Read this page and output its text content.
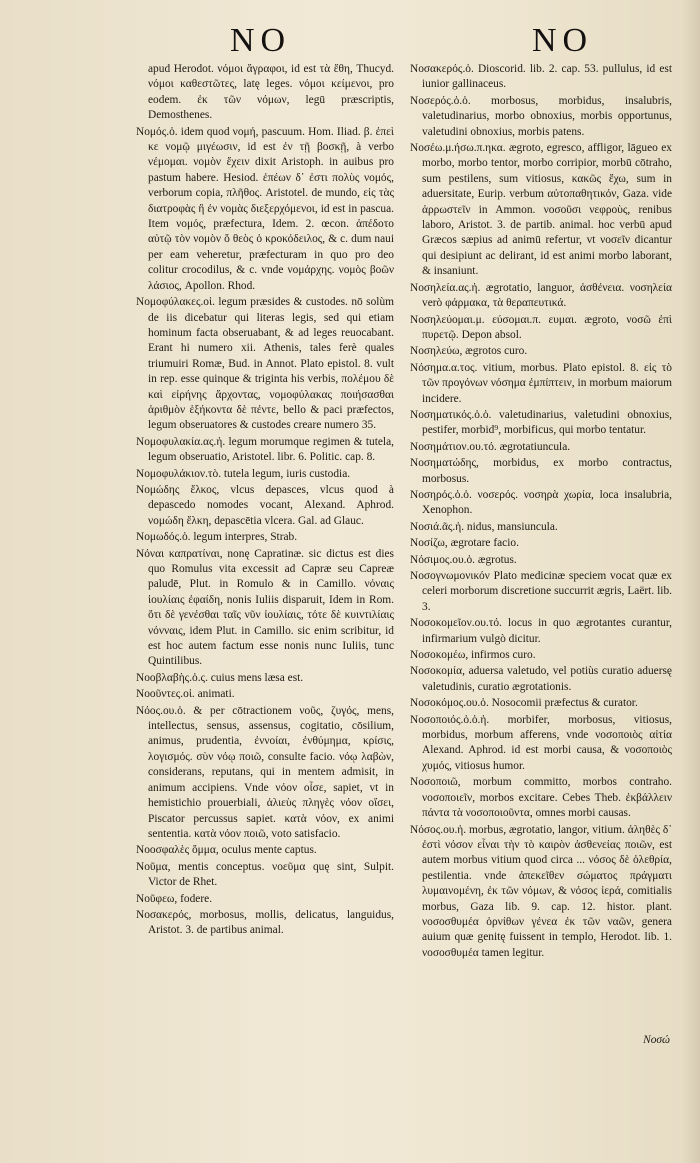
NO	NO

apud Herodot. νόμοι ἄγραφοι, id est τὰ ἔθη, Thucyd. νόμοι καθεστῶτες, latę leges. νόμοι κείμενοι, pro eodem. ἐκ τῶν νόμων, legū præscriptis, Demosthenes.

Νομός.ὁ. idem quod νομή, pascuum. Hom. Iliad. β. ἐπεὶ κε νομῷ μιγέωσιν, id est ἐν τῇ βοσκῇ, à verbo νέμομαι. νομὸν ἔχειν dixit Aristoph. in auibus pro pastum habere. Hesiod. ἐπέων δ᾽ ἐστι πολὺς νομός, verborum copia, πλῆθος. Aristotel. de mundo, εἰς τὰς διατροφὰς ἢ ἐν νομὰς διεξερχόμενοι, id est in pascua. Item νομός, præfectura, Idem. 2. œcon. ἀπέδοτο αὐτῷ τὸν νομὸν ὅ θεὸς ὁ κροκόδειλος, & c. dum naui per eam veheretur, præfecturam in quo pro deo colitur crocodilus, & c. vnde νομάρχης. νομὸς βοῶν λάσιος, Apollon. Rhod.

Νομοφύλακες.οἱ. legum præsides & custodes. nō solùm de iis dicebatur qui literas legis, sed qui etiam hominum facta obseruabant, & ad leges reuocabant. Erant hi numero xii. Athenis, tales ferè quales triumuiri Romæ, Bud. in Annot. Plato epistol. 8. vult in rep. esse quinque & triginta his verbis, πολέμου δὲ καὶ εἰρήνης ἄρχοντας, νομοφύλακας ποιήσασθαι ἀριθμὸν ἑξήκοντα δὲ πέντε, bello & paci præfectos, legum obseruatores & custodes creare numero 35.

Νομοφυλακία.ας.ἡ. legum morumque regimen & tutela, legum obseruatio, Aristotel. libr. 6. Politic. cap. 8.

Νομοφυλάκιον.τὸ. tutela legum, iuris custodia.

Νομώδης ἕλκος, vlcus depasces, vlcus quod à depascedo nomodes vocant, Alexand. Aphrod. νομώδη ἕλκη, depascētia vlcera. Gal. ad Glauc.

Νομωδός.ὁ. legum interpres, Strab.

Νόναι καπρατίναι, nonę Capratinæ. sic dictus est dies quo Romulus vita excessit ad Capræ seu Capreæ paludē, Plut. in Romulo & in Camillo. νόναις ἰουλίαις ἐφαίδη, nonis Iuliis disparuit, Idem in Rom. ὅτι δὲ γενέσθαι ταῖς νῦν ἰουλίαις, τότε δὲ κυιντιλίαις νόνναις, idem Plut. in Camillo. sic enim scribitur, id est hoc autem factum esse nonis nunc Iuliis, tunc Quintilibus.

Νοοβλαβὴς.ὁ.ς. cuius mens læsa est.

Νοοῦντες.οἱ. animati.

Νόος.ου.ὁ. & per cōtractionem νοῦς, ζυγός, mens, intellectus, sensus, assensus, cogitatio, cōsilium, animus, prudentia, ἐννοίαι, ἐνθύμημα, κρίσις, λογισμός. σὺν νόῳ ποιῶ, consulte facio. νόῳ λαβὼν, considerans, reputans, qui in mentem admisit, in animum accipiens. Vnde νόον οἶσε, sapiet, vt in hemistichio prouerbiali, ἀλιεὺς πληγὲς νόον οἴσει, Piscator percussus sapiet. κατὰ νόον, ex animi sententia. κατὰ νόον ποιῶ, voto satisfacio.

Νοοσφαλὲς ὄμμα, oculus mente captus.

Νοῦμα, mentis conceptus. νοεῦμα quę sint, Sulpit. Victor de Rhet.

Νοῦφεω, fodere.

Νοσακερός, morbosus, mollis, delicatus, languidus, Aristot. 3. de partibus animal.

Νοσακερός.ὁ. Dioscorid. lib. 2. cap. 53. pullulus, id est iunior gallinaceus.

Νοσερός.ὁ.ὁ. morbosus, morbidus, insalubris, valetudinarius, morbo obnoxius, morbis opportunus, valetudini obnoxius, morbis patens.

Νοσέω.μ.ήσω.π.ηκα. ægroto, egresco, affligor, lāgueo ex morbo, morbo tentor, morbo corripior, morbū cōtraho, sum pestilens, sum vitiosus, κακῶς ἔχω, sum in aduersitate, Eurip. verbum αὐτοπαθητικόν, Gaza. vide ἀρρωστεῖν in Ammon. νοσοῦσι νεφροὺς, renibus laboro, Aristot. 3. de partib. animal. hoc verbū apud Græcos sæpius ad animū refertur, vt νοσεῖν dicantur qui desipiunt ac delirant, id est animi morbo laborant, & insaniunt.

Νοσηλεία.ας.ἡ. ægrotatio, languor, ἀσθένεια. νοσηλεία verò φάρμακα, τὰ θεραπευτικά.

Νοσηλεύομαι.μ. εύσομαι.π. ευμαι. ægroto, νοσῶ ἐπὶ πυρετῷ. Depon absol.

Νοσηλεύω, ægrotos curo.

Νόσημα.α.τος. vitium, morbus. Plato epistol. 8. εἰς τὸ τῶν προγόνων νόσημα ἐμπίπτειν, in morbum maiorum incidere.

Νοσηματικός.ὁ.ὁ. valetudinarius, valetudini obnoxius, pestifer, morbid⁹, morbificus, qui morbo tentatur.

Νοσημάτιον.ου.τό. ægrotatiuncula.

Νοσηματώδης, morbidus, ex morbo contractus, morbosus.

Νοσηρός.ὁ.ὁ. νοσερός. νοσηρὰ χωρία, loca insalubria, Xenophon.

Νοσιά.ᾶς.ἡ. nidus, mansiuncula.

Νοσίζω, ægrotare facio.

Νόσιμος.ου.ὁ. ægrotus.

Νοσογνωμονικόν Plato medicinæ speciem vocat quæ ex celeri morborum discretione succurrit ægris, Laërt. lib. 3.

Νοσοκομεῖον.ου.τό. locus in quo ægrotantes curantur, infirmarium vulgò dicitur.

Νοσοκομέω, infirmos curo.

Νοσοκομία, aduersa valetudo, vel potiùs curatio aduersę valetudinis, curatio ægrotationis.

Νοσοκόμος.ου.ὁ. Nosocomii præfectus & curator.

Νοσοποιός.ὁ.ὁ.ἡ. morbifer, morbosus, vitiosus, morbidus, morbum afferens, vnde νοσοποιὸς αἰτία Alexand. Aphrod. id est morbi causa, & νοσοποιὸς χυμός, vitiosus humor.

Νοσοποιῶ, morbum committo, morbos contraho. νοσοποιεῖν, morbos excitare. Cebes Theb. ἐκβάλλειν πάντα τὰ νοσοποιοῦντα, omnes morbi causas.

Νόσος.ου.ἡ. morbus, ægrotatio, langor, vitium. ἀληθὲς δ᾽ ἐστὶ νόσον εἶναι τὴν τὸ καιρὸν ἀσθενείας ποιῶν, est autem morbus vitium quod circa ... νόσος δὲ ὀλεθρία, pestilentia. vnde ἀπεκεῖθεν σώματος πράγματι λυμαινομένη, ἐκ τῶν νόμων, & νόσος ἱερά, comitialis morbus, Gaza lib. 9. cap. 12. histor. plant. νοσοσθυμέα ὀρνίθων γένεα ἐκ τῶν ναῶν, genera auium quæ genitę fuissent in templo, Herodot. lib. 1. νοσοσθυμέα tamen legitur.

Νοσώ
